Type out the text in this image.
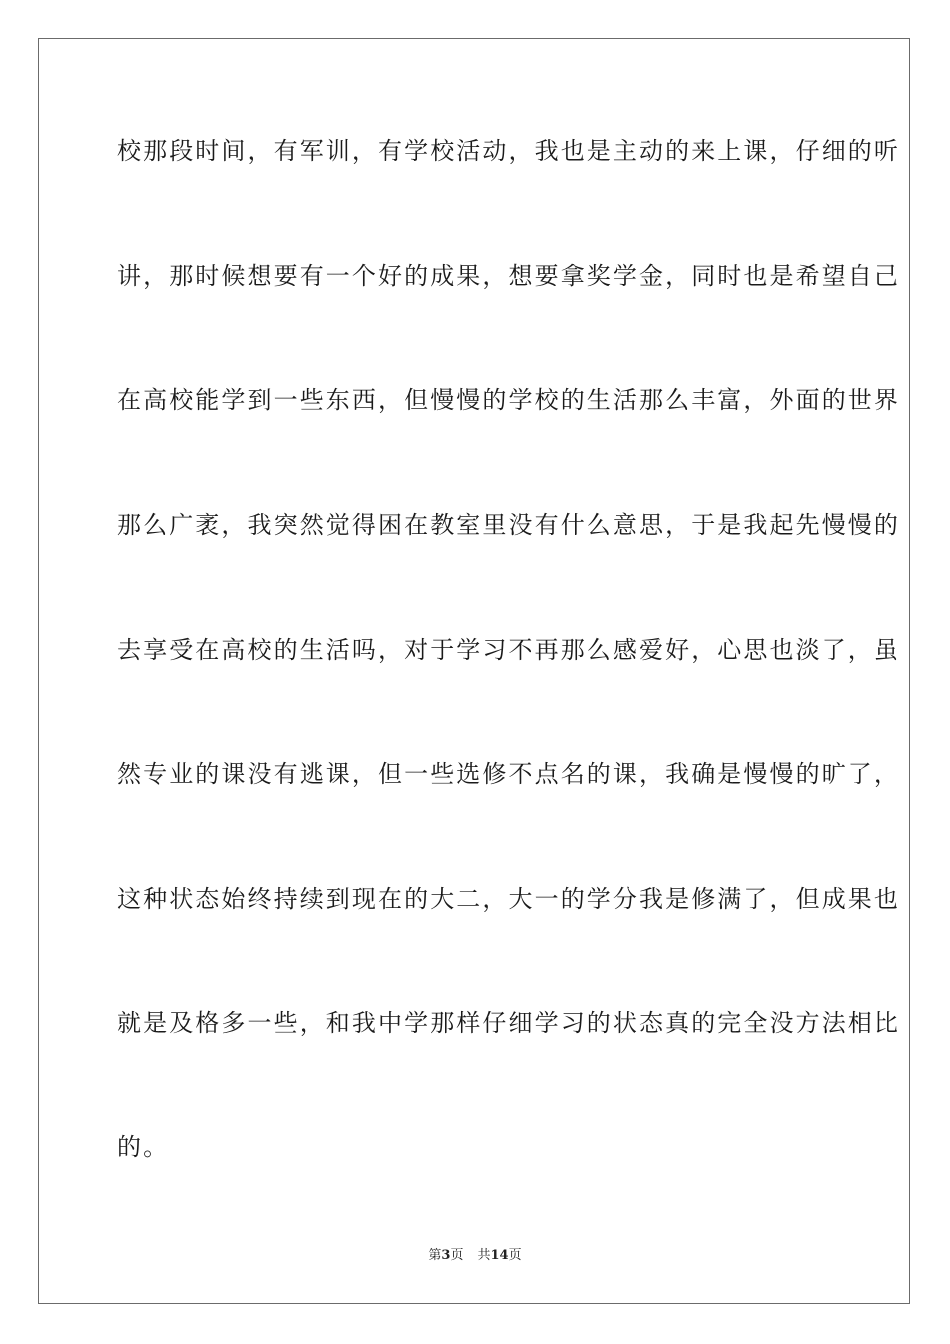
校那段时间，有军训，有学校活动，我也是主动的来上课，仔细的听
讲，那时候想要有一个好的成果，想要拿奖学金，同时也是希望自己
在高校能学到一些东西，但慢慢的学校的生活那么丰富，外面的世界
那么广袤，我突然觉得困在教室里没有什么意思，于是我起先慢慢的
去享受在高校的生活吗，对于学习不再那么感爱好，心思也淡了，虽
然专业的课没有逃课，但一些选修不点名的课，我确是慢慢的旷了，
这种状态始终持续到现在的大二，大一的学分我是修满了，但成果也
就是及格多一些，和我中学那样仔细学习的状态真的完全没方法相比
的。
第3页 共14页
